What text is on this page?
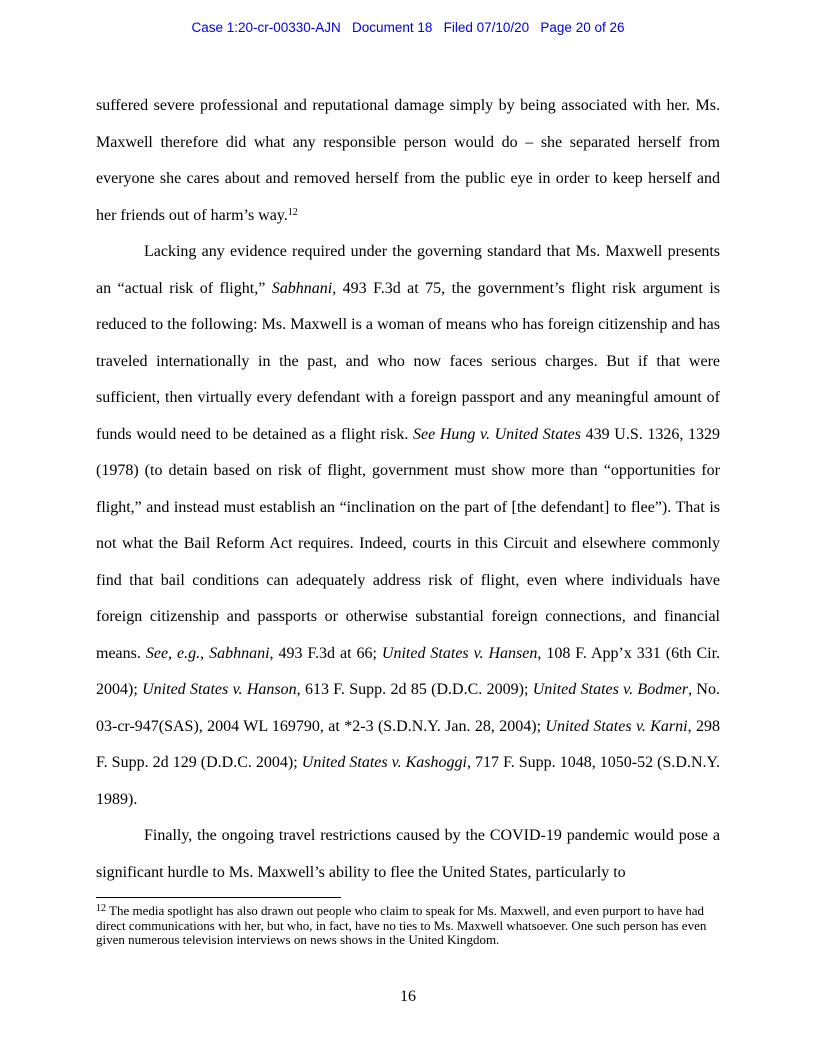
Case 1:20-cr-00330-AJN   Document 18   Filed 07/10/20   Page 20 of 26

suffered severe professional and reputational damage simply by being associated with her. Ms. Maxwell therefore did what any responsible person would do – she separated herself from everyone she cares about and removed herself from the public eye in order to keep herself and her friends out of harm’s way.$^{12}$

Lacking any evidence required under the governing standard that Ms. Maxwell presents an “actual risk of flight,” Sabhnani, 493 F.3d at 75, the government’s flight risk argument is reduced to the following: Ms. Maxwell is a woman of means who has foreign citizenship and has traveled internationally in the past, and who now faces serious charges. But if that were sufficient, then virtually every defendant with a foreign passport and any meaningful amount of funds would need to be detained as a flight risk. See Hung v. United States 439 U.S. 1326, 1329 (1978) (to detain based on risk of flight, government must show more than “opportunities for flight,” and instead must establish an “inclination on the part of [the defendant] to flee”). That is not what the Bail Reform Act requires. Indeed, courts in this Circuit and elsewhere commonly find that bail conditions can adequately address risk of flight, even where individuals have foreign citizenship and passports or otherwise substantial foreign connections, and financial means. See, e.g., Sabhnani, 493 F.3d at 66; United States v. Hansen, 108 F. App’x 331 (6th Cir. 2004); United States v. Hanson, 613 F. Supp. 2d 85 (D.D.C. 2009); United States v. Bodmer, No. 03-cr-947(SAS), 2004 WL 169790, at *2-3 (S.D.N.Y. Jan. 28, 2004); United States v. Karni, 298 F. Supp. 2d 129 (D.D.C. 2004); United States v. Kashoggi, 717 F. Supp. 1048, 1050-52 (S.D.N.Y. 1989).

Finally, the ongoing travel restrictions caused by the COVID-19 pandemic would pose a significant hurdle to Ms. Maxwell’s ability to flee the United States, particularly to

$^{12}$ The media spotlight has also drawn out people who claim to speak for Ms. Maxwell, and even purport to have had direct communications with her, but who, in fact, have no ties to Ms. Maxwell whatsoever. One such person has even given numerous television interviews on news shows in the United Kingdom.
16
